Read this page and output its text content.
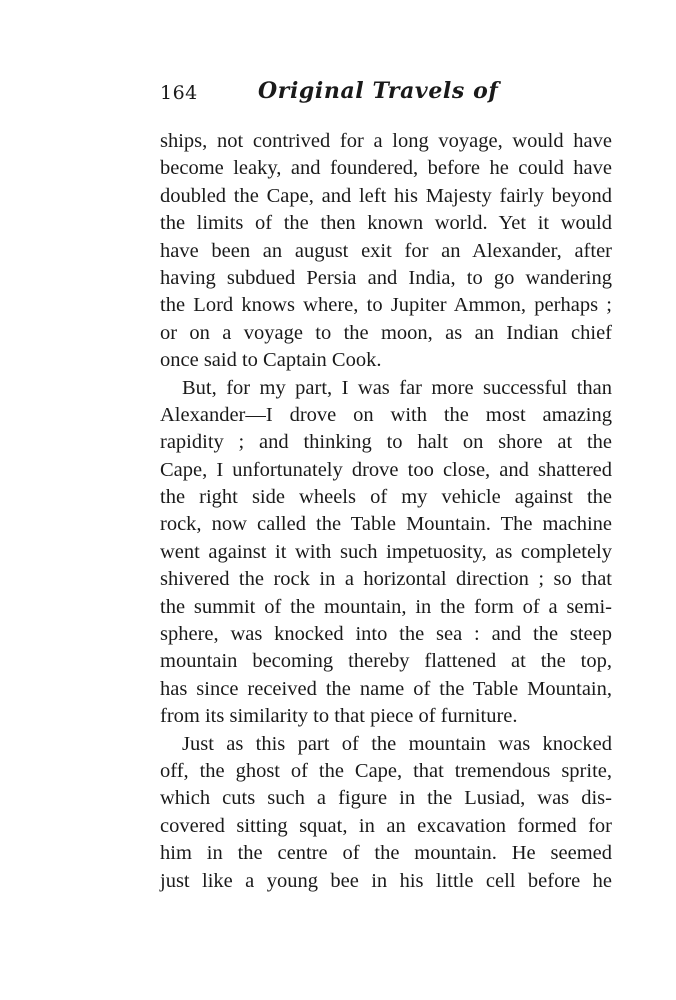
164	Original Travels of
ships, not contrived for a long voyage, would have
become leaky, and foundered, before he could have
doubled the Cape, and left his Majesty fairly beyond
the limits of the then known world. Yet it would
have been an august exit for an Alexander, after
having subdued Persia and India, to go wandering
the Lord knows where, to Jupiter Ammon, perhaps ;
or on a voyage to the moon, as an Indian chief
once said to Captain Cook.
But, for my part, I was far more successful than
Alexander—I drove on with the most amazing
rapidity ; and thinking to halt on shore at the
Cape, I unfortunately drove too close, and shattered
the right side wheels of my vehicle against the
rock, now called the Table Mountain. The machine
went against it with such impetuosity, as completely
shivered the rock in a horizontal direction ; so that
the summit of the mountain, in the form of a semi-
sphere, was knocked into the sea : and the steep
mountain becoming thereby flattened at the top,
has since received the name of the Table Mountain,
from its similarity to that piece of furniture.
Just as this part of the mountain was knocked
off, the ghost of the Cape, that tremendous sprite,
which cuts such a figure in the Lusiad, was dis-
covered sitting squat, in an excavation formed for
him in the centre of the mountain. He seemed
just like a young bee in his little cell before he
